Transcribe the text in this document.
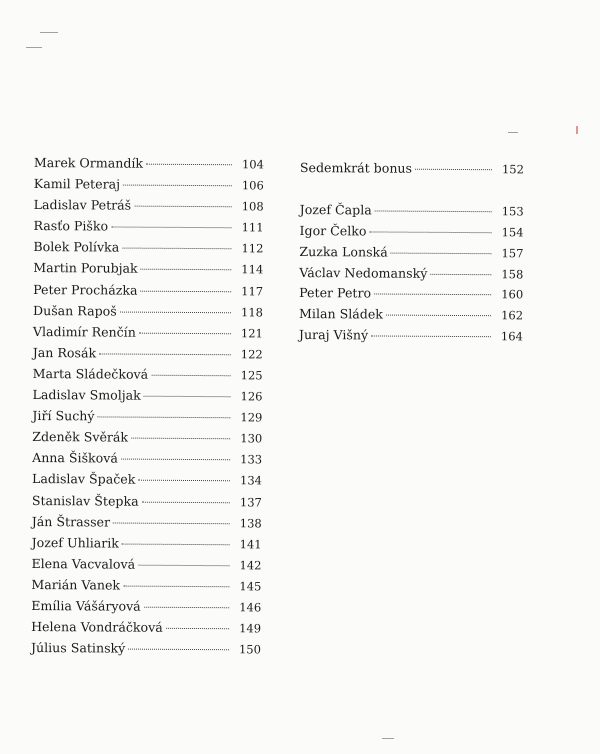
Marek Ormandík	104
Kamil Peteraj	106
Ladislav Petráš	108
Rasťo Piško	111
Bolek Polívka	112
Martin Porubjak	114
Peter Procházka	117
Dušan Rapoš	118
Vladimír Renčín	121
Jan Rosák	122
Marta Sládečková	125
Ladislav Smoljak	126
Jiří Suchý	129
Zdeněk Svěrák	130
Anna Šišková	133
Ladislav Špaček	134
Stanislav Štepka	137
Ján Štrasser	138
Jozef Uhliarik	141
Elena Vacvalová	142
Marián Vanek	145
Emília Vášáryová	146
Helena Vondráčková	149
Július Satinský	150
Sedemkrát bonus	152
Jozef Čapla	153
Igor Čelko	154
Zuzka Lonská	157
Václav Nedomanský	158
Peter Petro	160
Milan Sládek	162
Juraj Višný	164
